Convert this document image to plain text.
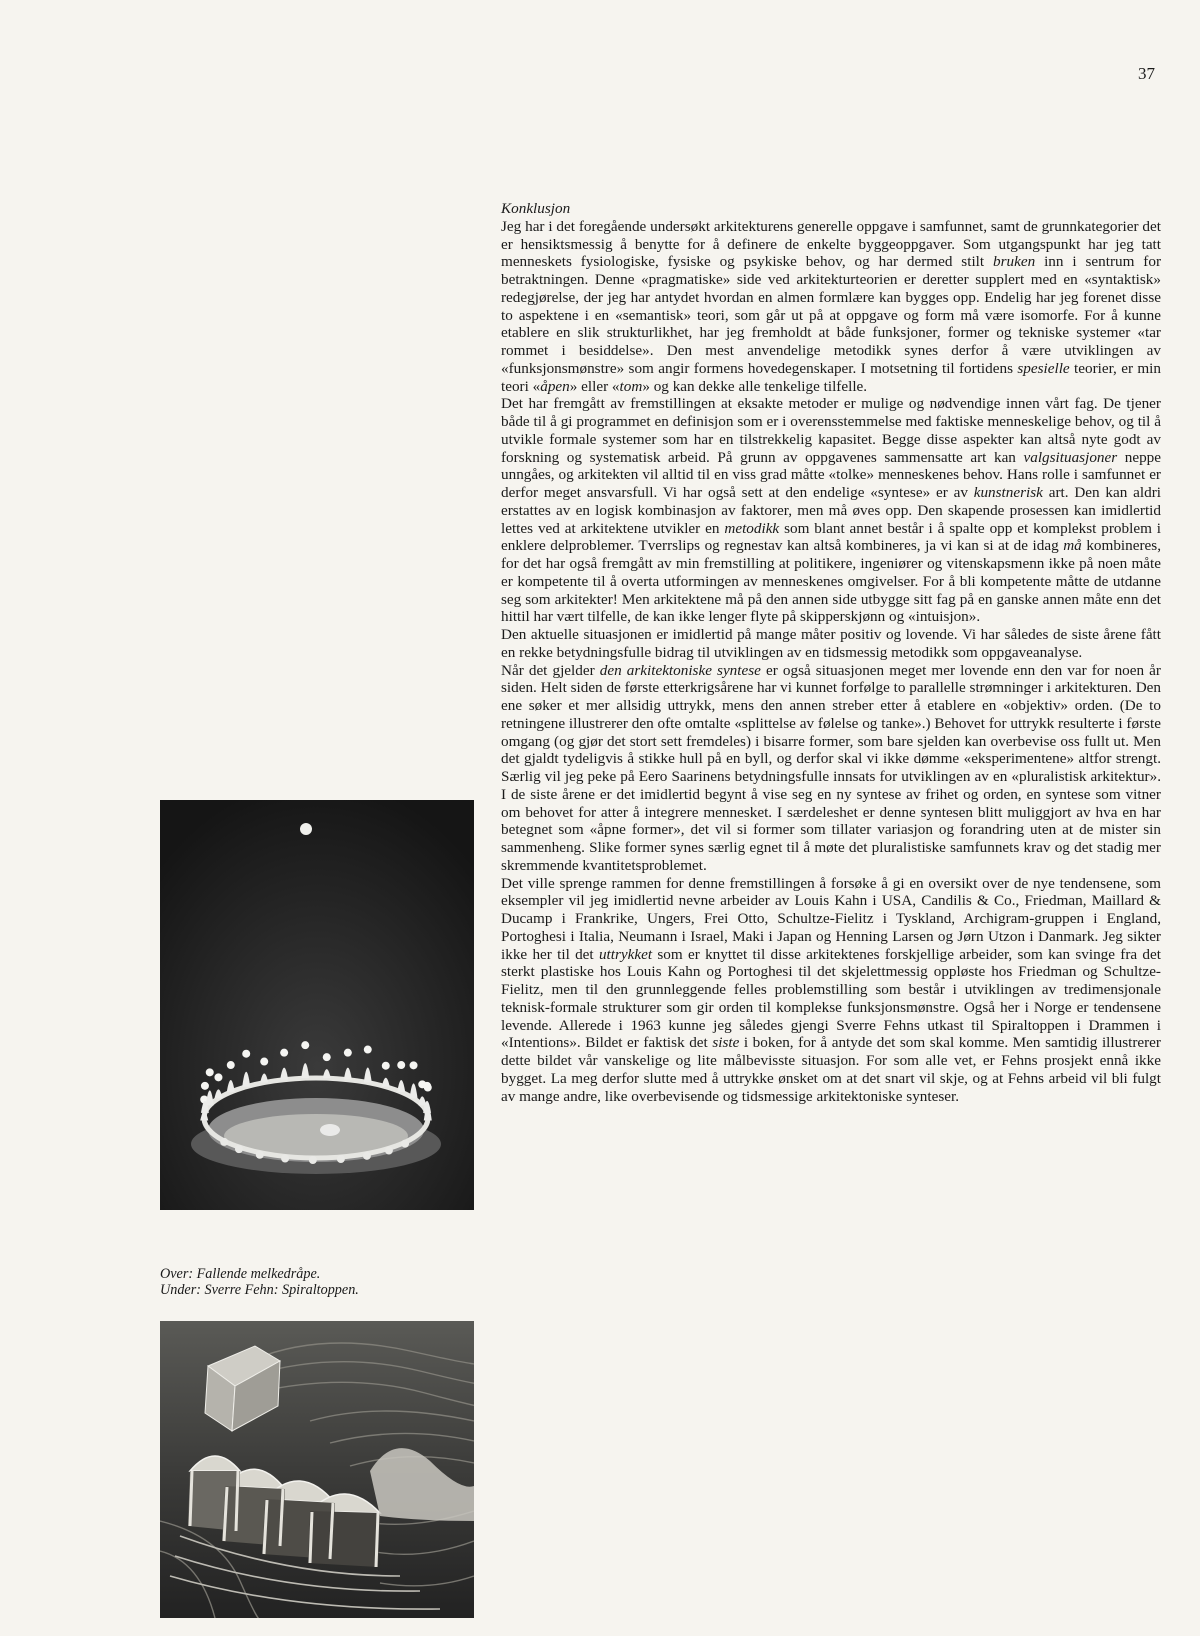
37
Over: Fallende melkedråpe.
Under: Sverre Fehn: Spiraltoppen.

Konklusjon

Jeg har i det foregående undersøkt arkitekturens generelle oppgave i samfunnet, samt de grunnkategorier det er hensiktsmessig å benytte for å definere de enkelte byggeoppgaver. Som utgangspunkt har jeg tatt menneskets fysiologiske, fysiske og psykiske behov, og har dermed stilt bruken inn i sentrum for betraktningen. Denne «pragmatiske» side ved arkitekturteorien er deretter supplert med en «syntaktisk» redegjørelse, der jeg har antydet hvordan en almen formlære kan bygges opp. Endelig har jeg forenet disse to aspektene i en «semantisk» teori, som går ut på at oppgave og form må være isomorfe. For å kunne etablere en slik strukturlikhet, har jeg fremholdt at både funksjoner, former og tekniske systemer «tar rommet i besiddelse». Den mest anvendelige metodikk synes derfor å være utviklingen av «funksjonsmønstre» som angir formens hovedegenskaper. I motsetning til fortidens spesielle teorier, er min teori «åpen» eller «tom» og kan dekke alle tenkelige tilfelle.

Det har fremgått av fremstillingen at eksakte metoder er mulige og nødvendige innen vårt fag. De tjener både til å gi programmet en definisjon som er i overensstemmelse med faktiske menneskelige behov, og til å utvikle formale systemer som har en tilstrekkelig kapasitet. Begge disse aspekter kan altså nyte godt av forskning og systematisk arbeid. På grunn av oppgavenes sammensatte art kan valgsituasjoner neppe unngåes, og arkitekten vil alltid til en viss grad måtte «tolke» menneskenes behov. Hans rolle i samfunnet er derfor meget ansvarsfull. Vi har også sett at den endelige «syntese» er av kunstnerisk art. Den kan aldri erstattes av en logisk kombinasjon av faktorer, men må øves opp. Den skapende prosessen kan imidlertid lettes ved at arkitektene utvikler en metodikk som blant annet består i å spalte opp et komplekst problem i enklere delproblemer. Tverrslips og regnestav kan altså kombineres, ja vi kan si at de idag må kombineres, for det har også fremgått av min fremstilling at politikere, ingeniører og vitenskapsmenn ikke på noen måte er kompetente til å overta utformingen av menneskenes omgivelser. For å bli kompetente måtte de utdanne seg som arkitekter! Men arkitektene må på den annen side utbygge sitt fag på en ganske annen måte enn det hittil har vært tilfelle, de kan ikke lenger flyte på skipperskjønn og «intuisjon».

Den aktuelle situasjonen er imidlertid på mange måter positiv og lovende. Vi har således de siste årene fått en rekke betydningsfulle bidrag til utviklingen av en tidsmessig metodikk som oppgaveanalyse.

Når det gjelder den arkitektoniske syntese er også situasjonen meget mer lovende enn den var for noen år siden. Helt siden de første etterkrigsårene har vi kunnet forfølge to parallelle strømninger i arkitekturen. Den ene søker et mer allsidig uttrykk, mens den annen streber etter å etablere en «objektiv» orden. (De to retningene illustrerer den ofte omtalte «splittelse av følelse og tanke».) Behovet for uttrykk resulterte i første omgang (og gjør det stort sett fremdeles) i bisarre former, som bare sjelden kan overbevise oss fullt ut. Men det gjaldt tydeligvis å stikke hull på en byll, og derfor skal vi ikke dømme «eksperimentene» altfor strengt. Særlig vil jeg peke på Eero Saarinens betydningsfulle innsats for utviklingen av en «pluralistisk arkitektur». I de siste årene er det imidlertid begynt å vise seg en ny syntese av frihet og orden, en syntese som vitner om behovet for atter å integrere mennesket. I særdeleshet er denne syntesen blitt muliggjort av hva en har betegnet som «åpne former», det vil si former som tillater variasjon og forandring uten at de mister sin sammenheng. Slike former synes særlig egnet til å møte det pluralistiske samfunnets krav og det stadig mer skremmende kvantitetsproblemet.

Det ville sprenge rammen for denne fremstillingen å forsøke å gi en oversikt over de nye tendensene, som eksempler vil jeg imidlertid nevne arbeider av Louis Kahn i USA, Candilis & Co., Friedman, Maillard & Ducamp i Frankrike, Ungers, Frei Otto, Schultze-Fielitz i Tyskland, Archigram-gruppen i England, Portoghesi i Italia, Neumann i Israel, Maki i Japan og Henning Larsen og Jørn Utzon i Danmark. Jeg sikter ikke her til det uttrykket som er knyttet til disse arkitektenes forskjellige arbeider, som kan svinge fra det sterkt plastiske hos Louis Kahn og Portoghesi til det skjelettmessig oppløste hos Friedman og Schultze-Fielitz, men til den grunnleggende felles problemstilling som består i utviklingen av tredimensjonale teknisk-formale strukturer som gir orden til komplekse funksjonsmønstre. Også her i Norge er tendensene levende. Allerede i 1963 kunne jeg således gjengi Sverre Fehns utkast til Spiraltoppen i Drammen i «Intentions». Bildet er faktisk det siste i boken, for å antyde det som skal komme. Men samtidig illustrerer dette bildet vår vanskelige og lite målbevisste situasjon. For som alle vet, er Fehns prosjekt ennå ikke bygget. La meg derfor slutte med å uttrykke ønsket om at det snart vil skje, og at Fehns arbeid vil bli fulgt av mange andre, like overbevisende og tidsmessige arkitektoniske synteser.
